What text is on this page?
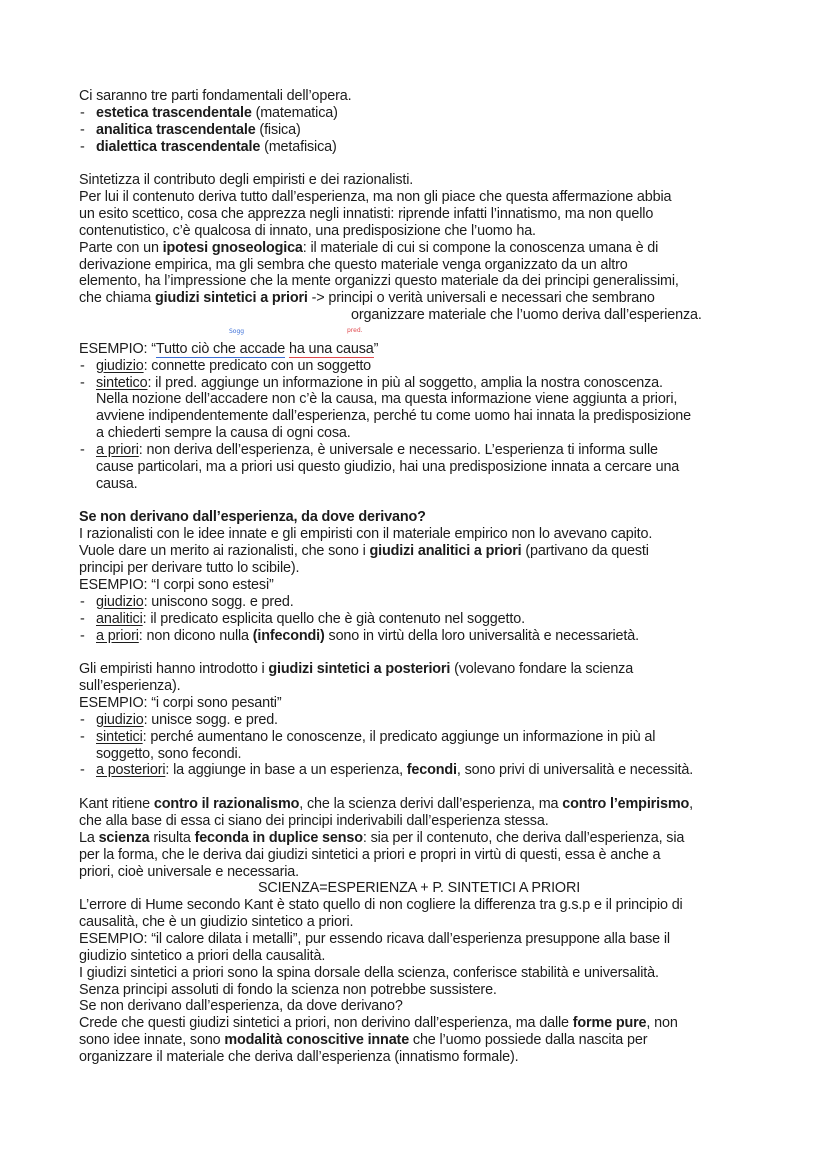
Ci saranno tre parti fondamentali dell’opera.
- estetica trascendentale (matematica)
- analitica trascendentale (fisica)
- dialettica trascendentale (metafisica)
Sintetizza il contributo degli empiristi e dei razionalisti.
Per lui il contenuto deriva tutto dall’esperienza, ma non gli piace che questa affermazione abbia
un esito scettico, cosa che apprezza negli innatisti: riprende infatti l’innatismo, ma non quello
contenutistico, c’è qualcosa di innato, una predisposizione che l’uomo ha.
Parte con un ipotesi gnoseologica: il materiale di cui si compone la conoscenza umana è di
derivazione empirica, ma gli sembra che questo materiale venga organizzato da un altro
elemento, ha l’impressione che la mente organizzi questo materiale da dei principi generalissimi,
che chiama giudizi sintetici a priori -> principi o verità universali e necessari che sembrano
organizzare materiale che l’uomo deriva dall’esperienza.
ESEMPIO: “Tutto ciò che accade ha una causa”
- giudizio: connette predicato con un soggetto
- sintetico: il pred. aggiunge un informazione in più al soggetto, amplia la nostra conoscenza.
Nella nozione dell’accadere non c’è la causa, ma questa informazione viene aggiunta a priori,
avviene indipendentemente dall’esperienza, perché tu come uomo hai innata la predisposizione
a chiederti sempre la causa di ogni cosa.
- a priori: non deriva dell’esperienza, è universale e necessario. L’esperienza ti informa sulle
cause particolari, ma a priori usi questo giudizio, hai una predisposizione innata a cercare una
causa.
Se non derivano dall’esperienza, da dove derivano?
I razionalisti con le idee innate e gli empiristi con il materiale empirico non lo avevano capito.
Vuole dare un merito ai razionalisti, che sono i giudizi analitici a priori (partivano da questi
principi per derivare tutto lo scibile).
ESEMPIO: “I corpi sono estesi”
- giudizio: uniscono sogg. e pred.
- analitici: il predicato esplicita quello che è già contenuto nel soggetto.
- a priori: non dicono nulla (infecondi) sono in virtù della loro universalità e necessarietà.
Gli empiristi hanno introdotto i giudizi sintetici a posteriori (volevano fondare la scienza
sull’esperienza).
ESEMPIO: “i corpi sono pesanti”
- giudizio: unisce sogg. e pred.
- sintetici: perché aumentano le conoscenze, il predicato aggiunge un informazione in più al
soggetto, sono fecondi.
- a posteriori: la aggiunge in base a un esperienza, fecondi, sono privi di universalità e necessità.
Kant ritiene contro il razionalismo, che la scienza derivi dall’esperienza, ma contro l’empirismo,
che alla base di essa ci siano dei principi inderivabili dall’esperienza stessa.
La scienza risulta feconda in duplice senso: sia per il contenuto, che deriva dall’esperienza, sia
per la forma, che le deriva dai giudizi sintetici a priori e propri in virtù di questi, essa è anche a
priori, cioè universale e necessaria.
SCIENZA=ESPERIENZA + P. SINTETICI A PRIORI
L’errore di Hume secondo Kant è stato quello di non cogliere la differenza tra g.s.p e il principio di
causalità, che è un giudizio sintetico a priori.
ESEMPIO: “il calore dilata i metalli”, pur essendo ricava dall’esperienza presuppone alla base il
giudizio sintetico a priori della causalità.
I giudizi sintetici a priori sono la spina dorsale della scienza, conferisce stabilità e universalità.
Senza principi assoluti di fondo la scienza non potrebbe sussistere.
Se non derivano dall’esperienza, da dove derivano?
Crede che questi giudizi sintetici a priori, non derivino dall’esperienza, ma dalle forme pure, non
sono idee innate, sono modalità conoscitive innate che l’uomo possiede dalla nascita per
organizzare il materiale che deriva dall’esperienza (innatismo formale).
Sogg	pred.
